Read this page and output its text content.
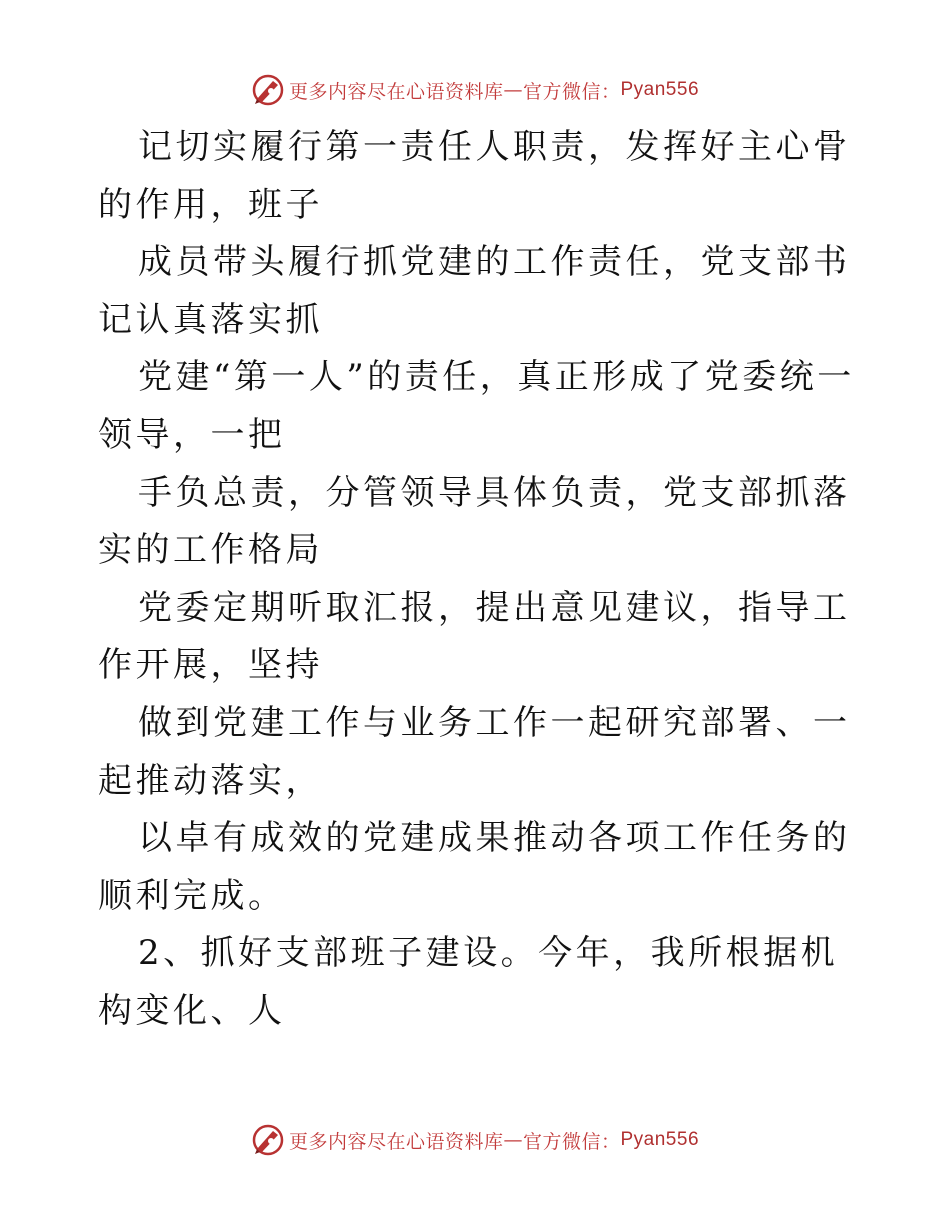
更多内容尽在心语资料库 — 官方微信： Pyan556

记切实履行第一责任人职责，发挥好主心骨的作用，班子

成员带头履行抓党建的工作责任，党支部书记认真落实抓

党建“第一人”的责任，真正形成了党委统一领导，一把

手负总责，分管领导具体负责，党支部抓落实的工作格局

党委定期听取汇报，提出意见建议，指导工作开展，坚持

做到党建工作与业务工作一起研究部署、一起推动落实，

以卓有成效的党建成果推动各项工作任务的顺利完成。

2、抓好支部班子建设。今年，我所根据机构变化、人

更多内容尽在心语资料库 — 官方微信： Pyan556
